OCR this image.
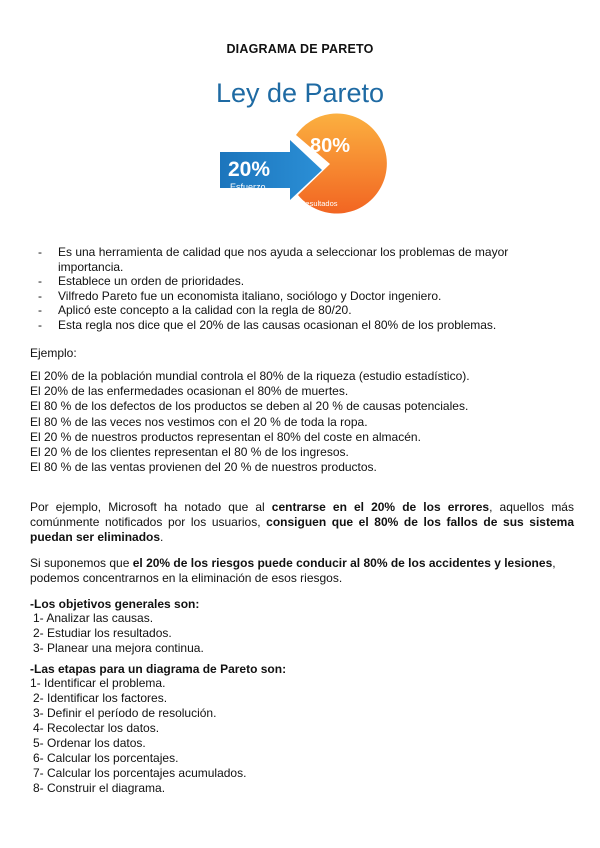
DIAGRAMA DE PARETO
Ley de Pareto
20%
Esfuerzo
80%
Resultados
- Es una herramienta de calidad que nos ayuda a seleccionar los problemas de mayor importancia.
- Establece un orden de prioridades.
- Vilfredo Pareto fue un economista italiano, sociólogo y Doctor ingeniero.
- Aplicó este concepto a la calidad con la regla de 80/20.
- Esta regla nos dice que el 20% de las causas ocasionan el 80% de los problemas.
Ejemplo:
El 20% de la población mundial controla el 80% de la riqueza (estudio estadístico).
El 20% de las enfermedades ocasionan el 80% de muertes.
El 80 % de los defectos de los productos se deben al 20 % de causas potenciales.
El 80 % de las veces nos vestimos con el 20 % de toda la ropa.
El 20 % de nuestros productos representan el 80% del coste en almacén.
El 20 % de los clientes representan el 80 % de los ingresos.
El 80 % de las ventas provienen del 20 % de nuestros productos.

Por ejemplo, Microsoft ha notado que al centrarse en el 20% de los errores, aquellos más comúnmente notificados por los usuarios, consiguen que el 80% de los fallos de sus sistema puedan ser eliminados.

Si suponemos que el 20% de los riesgos puede conducir al 80% de los accidentes y lesiones, podemos concentrarnos en la eliminación de esos riesgos.

-Los objetivos generales son:
1- Analizar las causas.
2- Estudiar los resultados.
3- Planear una mejora continua.
-Las etapas para un diagrama de Pareto son:
1- Identificar el problema.
2- Identificar los factores.
3- Definir el período de resolución.
4- Recolectar los datos.
5- Ordenar los datos.
6- Calcular los porcentajes.
7- Calcular los porcentajes acumulados.
8- Construir el diagrama.
